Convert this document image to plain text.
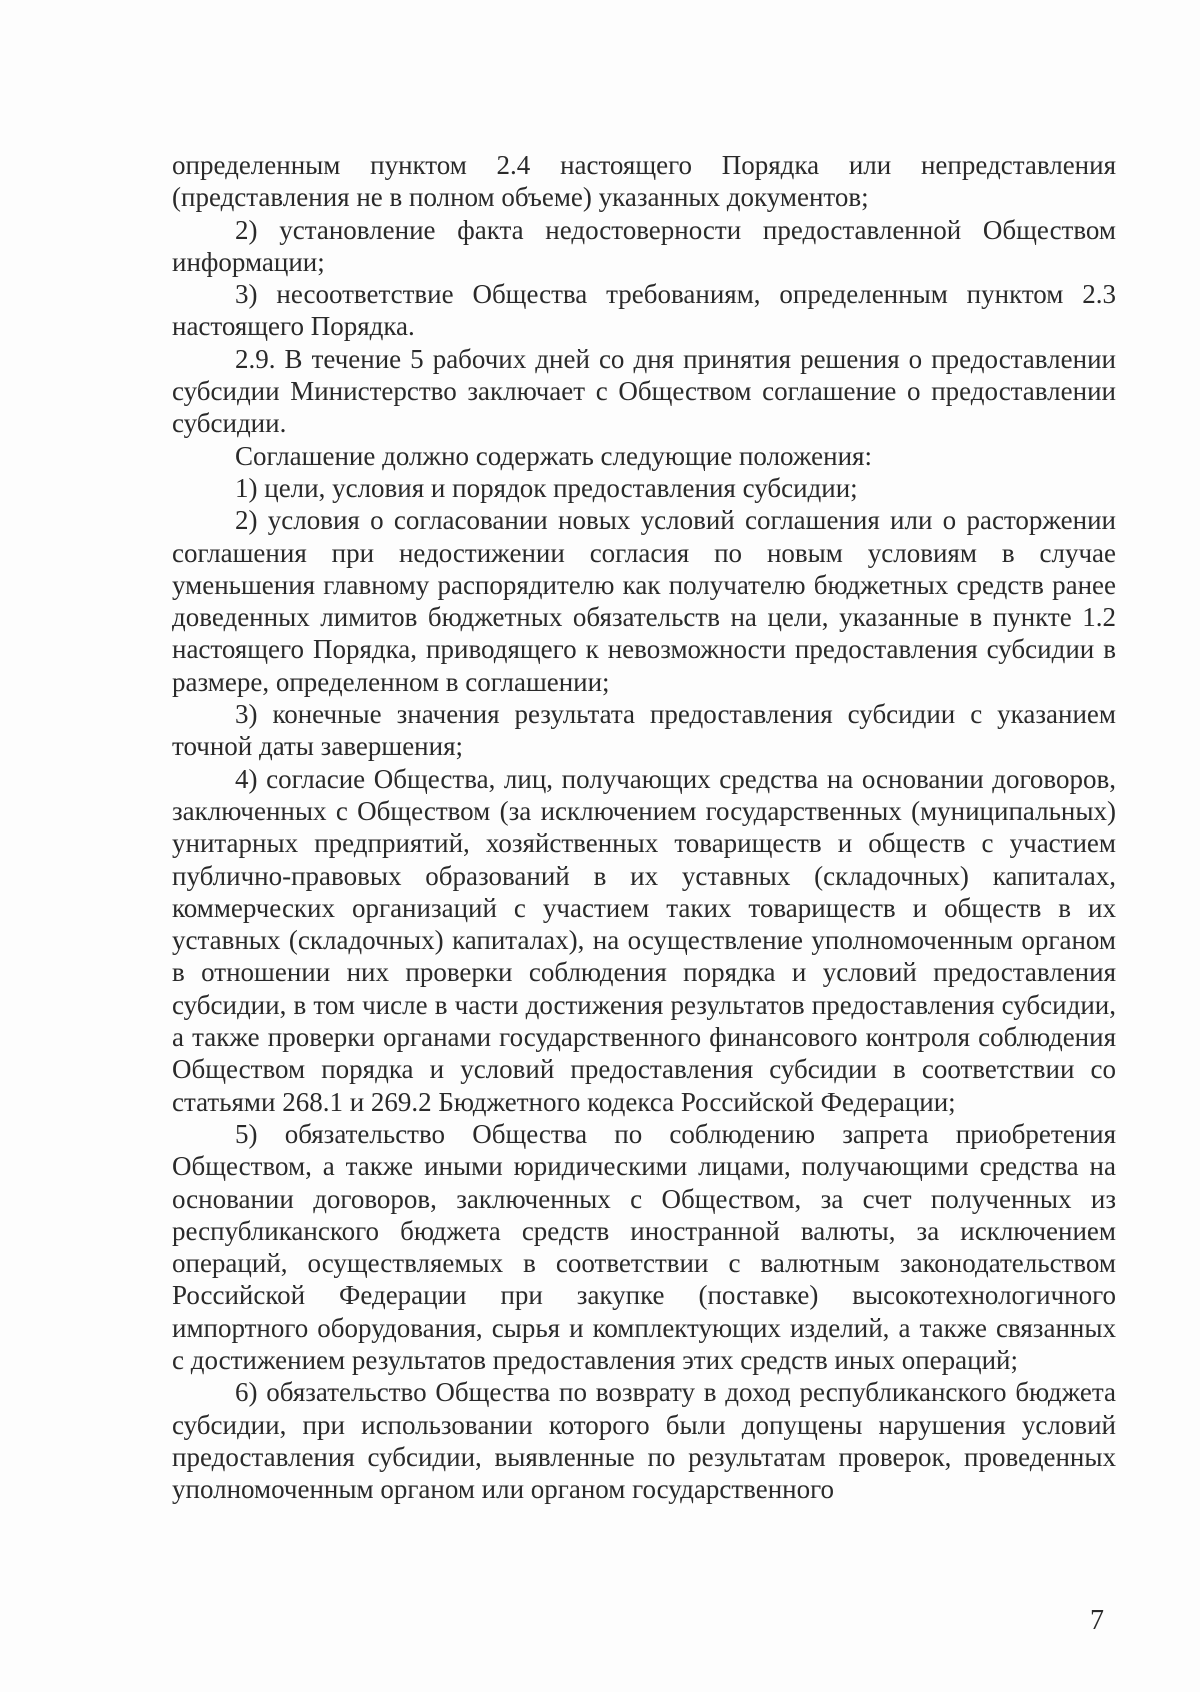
определенным пунктом 2.4 настоящего Порядка или непредставления (представления не в полном объеме) указанных документов;

2) установление факта недостоверности предоставленной Обществом информации;

3) несоответствие Общества требованиям, определенным пунктом 2.3 настоящего Порядка.

2.9. В течение 5 рабочих дней со дня принятия решения о предоставлении субсидии Министерство заключает с Обществом соглашение о предоставлении субсидии.

Соглашение должно содержать следующие положения:

1) цели, условия и порядок предоставления субсидии;

2) условия о согласовании новых условий соглашения или о расторжении соглашения при недостижении согласия по новым условиям в случае уменьшения главному распорядителю как получателю бюджетных средств ранее доведенных лимитов бюджетных обязательств на цели, указанные в пункте 1.2 настоящего Порядка, приводящего к невозможности предоставления субсидии в размере, определенном в соглашении;

3) конечные значения результата предоставления субсидии с указанием точной даты завершения;

4) согласие Общества, лиц, получающих средства на основании договоров, заключенных с Обществом (за исключением государственных (муниципальных) унитарных предприятий, хозяйственных товариществ и обществ с участием публично-правовых образований в их уставных (складочных) капиталах, коммерческих организаций с участием таких товариществ и обществ в их уставных (складочных) капиталах), на осуществление уполномоченным органом в отношении них проверки соблюдения порядка и условий предоставления субсидии, в том числе в части достижения результатов предоставления субсидии, а также проверки органами государственного финансового контроля соблюдения Обществом порядка и условий предоставления субсидии в соответствии со статьями 268.1 и 269.2 Бюджетного кодекса Российской Федерации;

5) обязательство Общества по соблюдению запрета приобретения Обществом, а также иными юридическими лицами, получающими средства на основании договоров, заключенных с Обществом, за счет полученных из республиканского бюджета средств иностранной валюты, за исключением операций, осуществляемых в соответствии с валютным законодательством Российской Федерации при закупке (поставке) высокотехнологичного импортного оборудования, сырья и комплектующих изделий, а также связанных с достижением результатов предоставления этих средств иных операций;

6) обязательство Общества по возврату в доход республиканского бюджета субсидии, при использовании которого были допущены нарушения условий предоставления субсидии, выявленные по результатам проверок, проведенных уполномоченным органом или органом государственного

7
